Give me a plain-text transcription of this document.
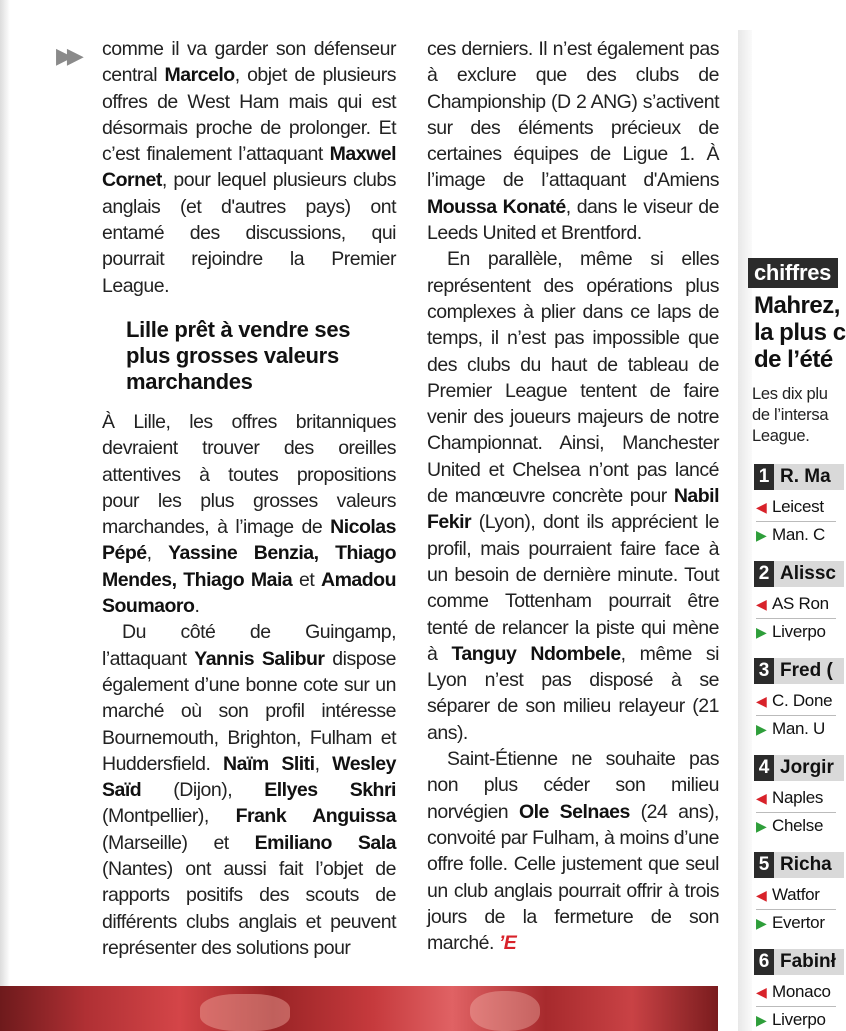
▶▶ comme il va garder son défenseur central Marcelo, objet de plusieurs offres de West Ham mais qui est désormais proche de prolonger. Et c’est finalement l’attaquant Maxwel Cornet, pour lequel plusieurs clubs anglais (et d'autres pays) ont entamé des discussions, qui pourrait rejoindre la Premier League.

Lille prêt à vendre ses plus grosses valeurs marchandes

À Lille, les offres britanniques devraient trouver des oreilles attentives à toutes propositions pour les plus grosses valeurs marchandes, à l’image de Nicolas Pépé, Yassine Benzia, Thiago Mendes, Thiago Maia et Amadou Soumaoro.

Du côté de Guingamp, l’attaquant Yannis Salibur dispose également d’une bonne cote sur un marché où son profil intéresse Bournemouth, Brighton, Fulham et Huddersfield. Naïm Sliti, Wesley Saïd (Dijon), Ellyes Skhri (Montpellier), Frank Anguissa (Marseille) et Emiliano Sala (Nantes) ont aussi fait l’objet de rapports positifs des scouts de différents clubs anglais et peuvent représenter des solutions pour

ces derniers. Il n’est également pas à exclure que des clubs de Championship (D 2 ANG) s’activent sur des éléments précieux de certaines équipes de Ligue 1. À l’image de l’attaquant d'Amiens Moussa Konaté, dans le viseur de Leeds United et Brentford.

En parallèle, même si elles représentent des opérations plus complexes à plier dans ce laps de temps, il n’est pas impossible que des clubs du haut de tableau de Premier League tentent de faire venir des joueurs majeurs de notre Championnat. Ainsi, Manchester United et Chelsea n’ont pas lancé de manœuvre concrète pour Nabil Fekir (Lyon), dont ils apprécient le profil, mais pourraient faire face à un besoin de dernière minute. Tout comme Tottenham pourrait être tenté de relancer la piste qui mène à Tanguy Ndombele, même si Lyon n’est pas disposé à se séparer de son milieu relayeur (21 ans).

Saint-Étienne ne souhaite pas non plus céder son milieu norvégien Ole Selnaes (24 ans), convoité par Fulham, à moins d’une offre folle. Celle justement que seul un club anglais pourrait offrir à trois jours de la fermeture de son marché. ’E

chiffres
Mahrez,
la plus c
de l’été
Les dix plu
de l’intersa
League.
1 R. Ma
◀ Leicest
▶ Man. C
2 Alissc
◀ AS Ron
▶ Liverpo
3 Fred (
◀ C. Done
▶ Man. U
4 Jorgir
◀ Naples
▶ Chelse
5 Richa
◀ Watfor
▶ Evertor
6 Fabinł
◀ Monaco
▶ Liverpo
